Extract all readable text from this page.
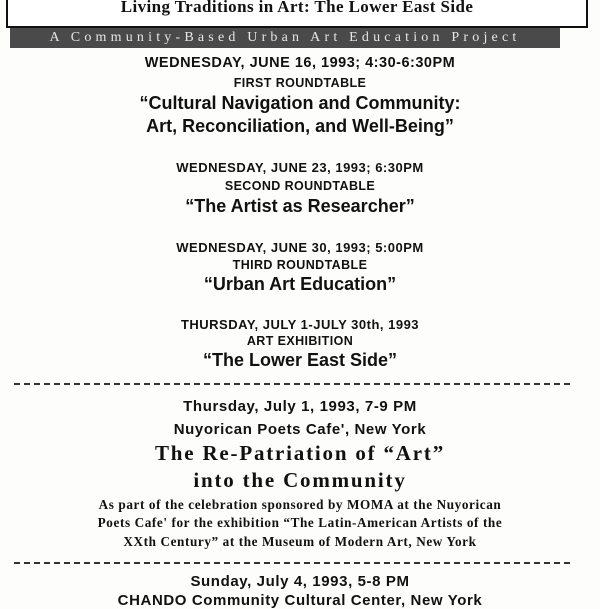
Living Traditions in Art: The Lower East Side
A Community-Based Urban Art Education Project
WEDNESDAY, JUNE 16, 1993; 4:30-6:30PM
FIRST ROUNDTABLE
“Cultural Navigation and Community:
Art, Reconciliation, and Well-Being”
WEDNESDAY, JUNE 23, 1993; 6:30PM
SECOND ROUNDTABLE
“The Artist as Researcher”
WEDNESDAY, JUNE 30, 1993; 5:00PM
THIRD ROUNDTABLE
“Urban Art Education”
THURSDAY, JULY 1-JULY 30th, 1993
ART EXHIBITION
“The Lower East Side”
Thursday, July 1, 1993, 7-9 PM
Nuyorican Poets Cafe', New York
The Re-Patriation of “Art”
into the Community
As part of the celebration sponsored by MOMA at the Nuyorican
Poets Cafe' for the exhibition “The Latin-American Artists of the
XXth Century” at the Museum of Modern Art, New York
Sunday, July 4, 1993, 5-8 PM
CHANDO Community Cultural Center, New York
